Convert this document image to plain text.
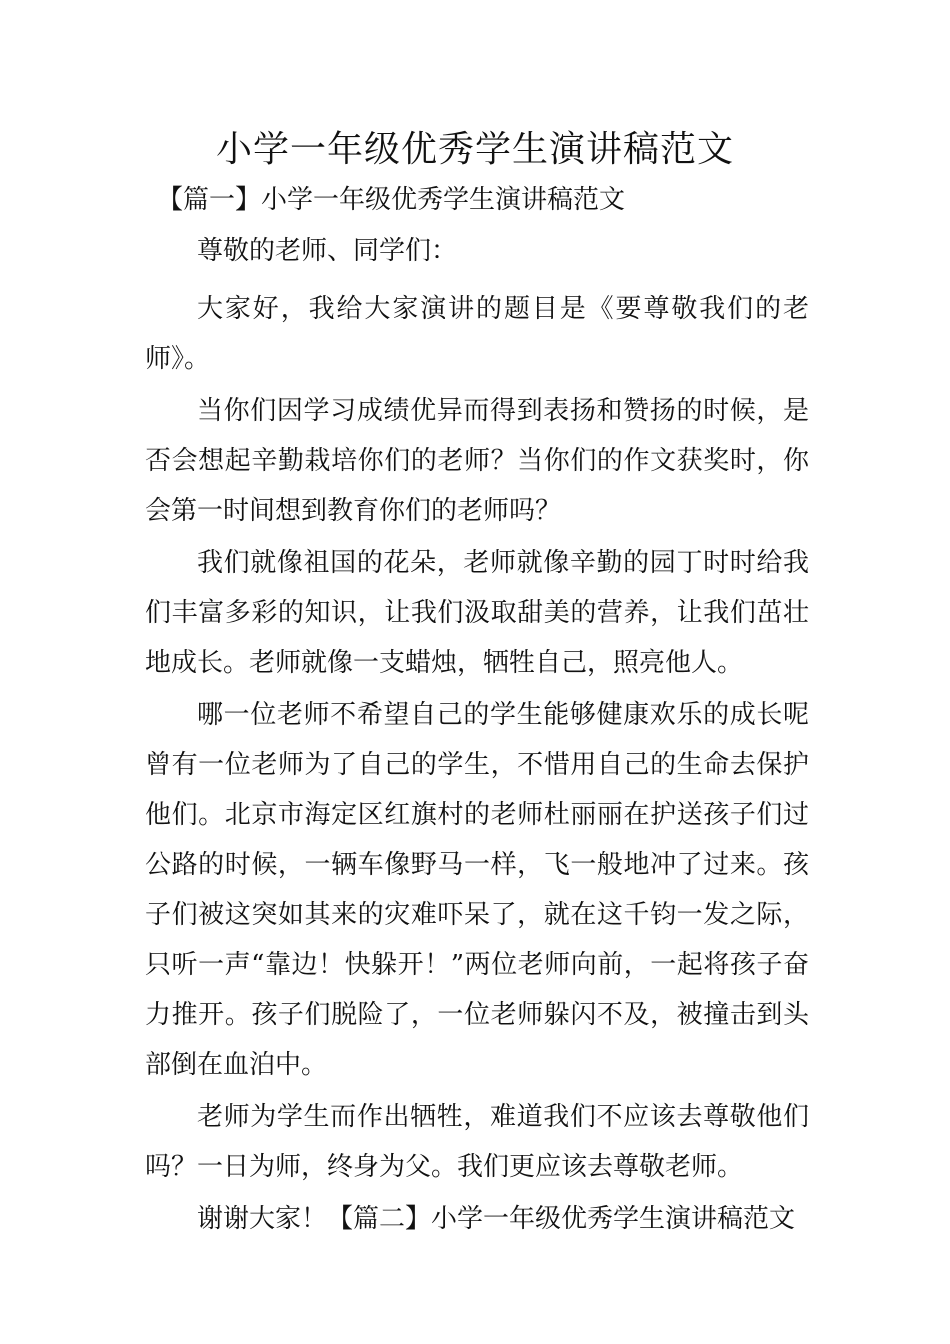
小学一年级优秀学生演讲稿范文

【篇一】小学一年级优秀学生演讲稿范文

尊敬的老师、同学们：

大家好，我给大家演讲的题目是《要尊敬我们的老师》。

当你们因学习成绩优异而得到表扬和赞扬的时候，是否会想起辛勤栽培你们的老师？当你们的作文获奖时，你会第一时间想到教育你们的老师吗？

我们就像祖国的花朵，老师就像辛勤的园丁时时给我们丰富多彩的知识，让我们汲取甜美的营养，让我们茁壮地成长。老师就像一支蜡烛，牺牲自己，照亮他人。

哪一位老师不希望自己的学生能够健康欢乐的成长呢曾有一位老师为了自己的学生，不惜用自己的生命去保护他们。北京市海定区红旗村的老师杜丽丽在护送孩子们过公路的时候，一辆车像野马一样，飞一般地冲了过来。孩子们被这突如其来的灾难吓呆了，就在这千钧一发之际，只听一声“靠边！快躲开！”两位老师向前，一起将孩子奋力推开。孩子们脱险了，一位老师躲闪不及，被撞击到头部倒在血泊中。

老师为学生而作出牺牲，难道我们不应该去尊敬他们吗？一日为师，终身为父。我们更应该去尊敬老师。

谢谢大家！【篇二】小学一年级优秀学生演讲稿范文
